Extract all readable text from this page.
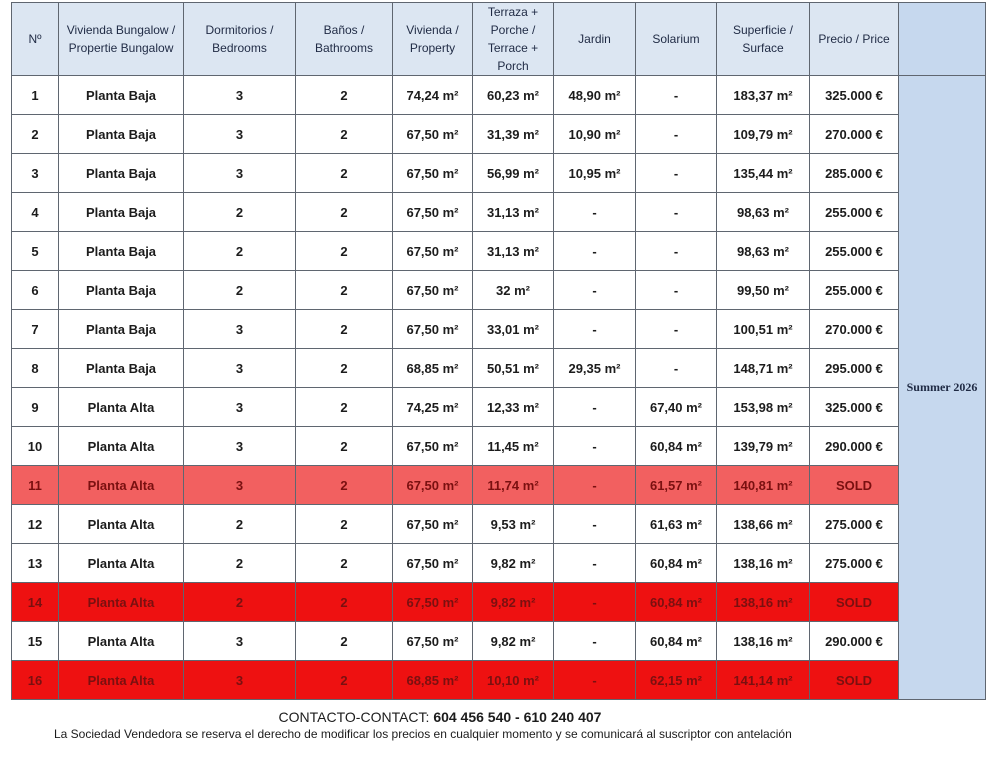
Nº	Vivienda Bungalow / Propertie Bungalow	Dormitorios / Bedrooms	Baños / Bathrooms	Vivienda / Property	Terraza + Porche / Terrace + Porch	Jardin	Solarium	Superficie / Surface	Precio / Price	
1	Planta Baja	3	2	74,24 m²	60,23 m²	48,90 m²	-	183,37 m²	325.000 €	Summer 2026
2	Planta Baja	3	2	67,50 m²	31,39 m²	10,90 m²	-	109,79 m²	270.000 €	
3	Planta Baja	3	2	67,50 m²	56,99 m²	10,95 m²	-	135,44 m²	285.000 €	
4	Planta Baja	2	2	67,50 m²	31,13 m²	-	-	98,63 m²	255.000 €	
5	Planta Baja	2	2	67,50 m²	31,13 m²	-	-	98,63 m²	255.000 €	
6	Planta Baja	2	2	67,50 m²	32 m²	-	-	99,50 m²	255.000 €	
7	Planta Baja	3	2	67,50 m²	33,01 m²	-	-	100,51 m²	270.000 €	
8	Planta Baja	3	2	68,85 m²	50,51 m²	29,35 m²	-	148,71 m²	295.000 €	
9	Planta Alta	3	2	74,25 m²	12,33 m²	-	67,40 m²	153,98 m²	325.000 €	
10	Planta Alta	3	2	67,50 m²	11,45 m²	-	60,84 m²	139,79 m²	290.000 €	
11	Planta Alta	3	2	67,50 m²	11,74 m²	-	61,57 m²	140,81 m²	SOLD	
12	Planta Alta	2	2	67,50 m²	9,53 m²	-	61,63 m²	138,66 m²	275.000 €	
13	Planta Alta	2	2	67,50 m²	9,82 m²	-	60,84 m²	138,16 m²	275.000 €	
14	Planta Alta	2	2	67,50 m²	9,82 m²	-	60,84 m²	138,16 m²	SOLD	
15	Planta Alta	3	2	67,50 m²	9,82 m²	-	60,84 m²	138,16 m²	290.000 €	
16	Planta Alta	3	2	68,85 m²	10,10 m²	-	62,15 m²	141,14 m²	SOLD	
CONTACTO-CONTACT: 604 456 540 - 610 240 407
La Sociedad Vendedora se reserva el derecho de modificar los precios en cualquier momento y se comunicará al suscriptor con antelación
